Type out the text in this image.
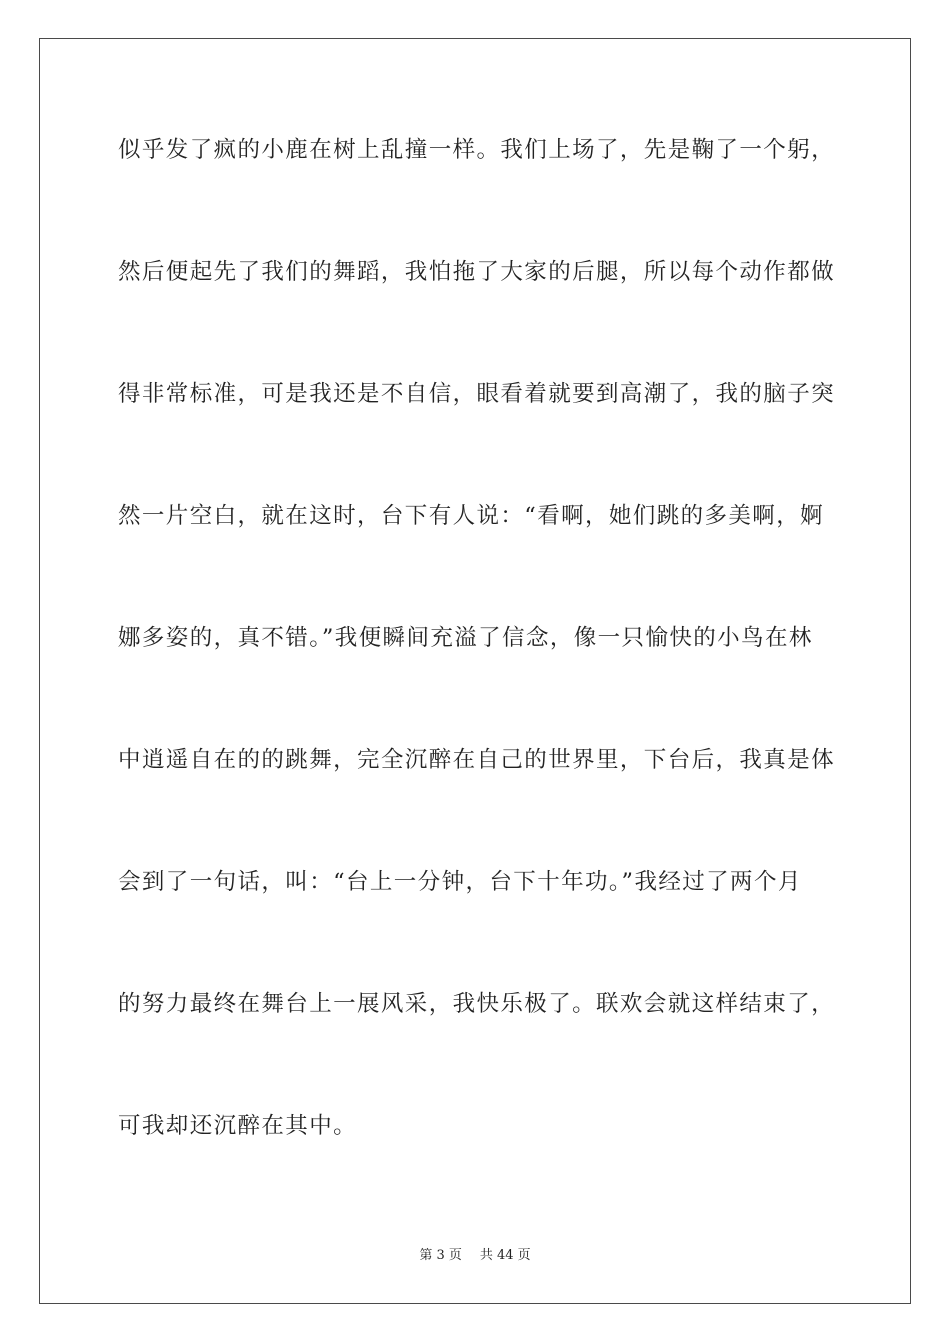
似乎发了疯的小鹿在树上乱撞一样。我们上场了，先是鞠了一个躬，
然后便起先了我们的舞蹈，我怕拖了大家的后腿，所以每个动作都做
得非常标准，可是我还是不自信，眼看着就要到高潮了，我的脑子突
然一片空白，就在这时，台下有人说：“看啊，她们跳的多美啊，婀
娜多姿的，真不错。”我便瞬间充溢了信念，像一只愉快的小鸟在林
中逍遥自在的的跳舞，完全沉醉在自己的世界里，下台后，我真是体
会到了一句话，叫：“台上一分钟，台下十年功。”我经过了两个月
的努力最终在舞台上一展风采，我快乐极了。联欢会就这样结束了，
可我却还沉醉在其中。
第 3 页 共 44 页
